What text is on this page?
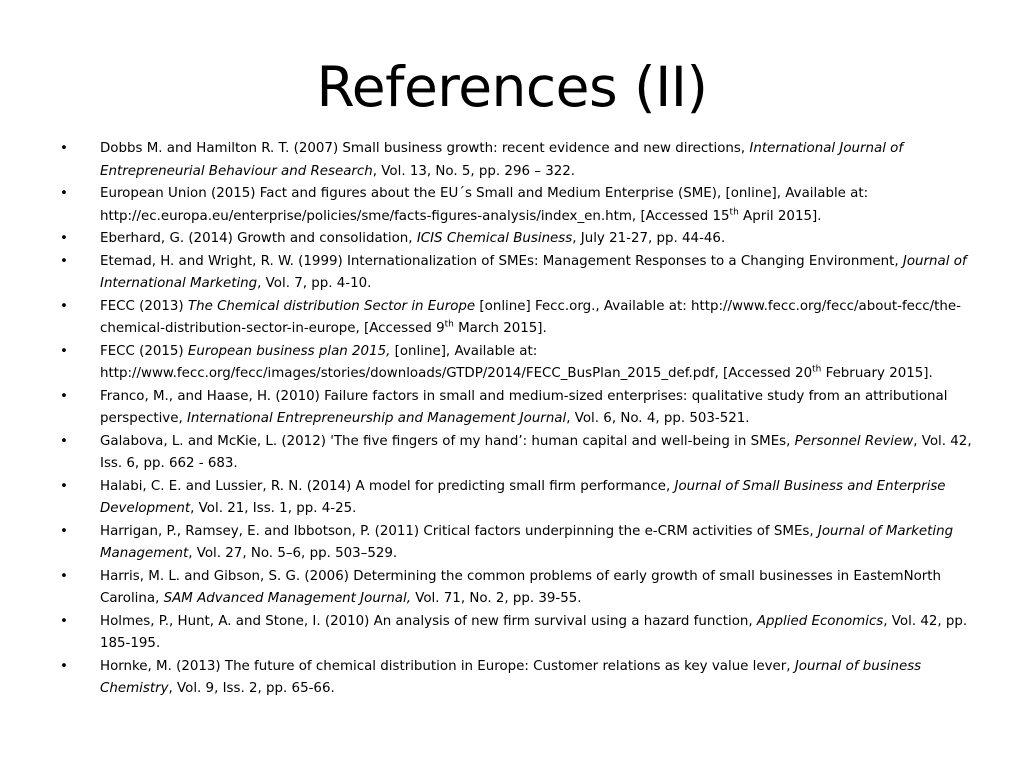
References (II)
• Dobbs M. and Hamilton R. T. (2007) Small business growth: recent evidence and new directions, International Journal of Entrepreneurial Behaviour and Research, Vol. 13, No. 5, pp. 296 – 322.
• European Union (2015) Fact and figures about the EU´s Small and Medium Enterprise (SME), [online], Available at: http://ec.europa.eu/enterprise/policies/sme/facts-figures-analysis/index_en.htm, [Accessed 15th April 2015].
• Eberhard, G. (2014) Growth and consolidation, ICIS Chemical Business, July 21-27, pp. 44-46.
• Etemad, H. and Wright, R. W. (1999) Internationalization of SMEs: Management Responses to a Changing Environment, Journal of International Marketing, Vol. 7, pp. 4-10.
• FECC (2013) The Chemical distribution Sector in Europe [online] Fecc.org., Available at: http://www.fecc.org/fecc/about-fecc/the-chemical-distribution-sector-in-europe, [Accessed 9th March 2015].
• FECC (2015) European business plan 2015, [online], Available at: http://www.fecc.org/fecc/images/stories/downloads/GTDP/2014/FECC_BusPlan_2015_def.pdf, [Accessed 20th February 2015].
• Franco, M., and Haase, H. (2010) Failure factors in small and medium-sized enterprises: qualitative study from an attributional perspective, International Entrepreneurship and Management Journal, Vol. 6, No. 4, pp. 503-521.
• Galabova, L. and McKie, L. (2012) 'The five fingers of my hand’: human capital and well-being in SMEs, Personnel Review, Vol. 42, Iss. 6, pp. 662 - 683.
• Halabi, C. E. and Lussier, R. N. (2014) A model for predicting small firm performance, Journal of Small Business and Enterprise Development, Vol. 21, Iss. 1, pp. 4-25.
• Harrigan, P., Ramsey, E. and Ibbotson, P. (2011) Critical factors underpinning the e-CRM activities of SMEs, Journal of Marketing Management, Vol. 27, No. 5–6, pp. 503–529.
• Harris, M. L. and Gibson, S. G. (2006) Determining the common problems of early growth of small businesses in EastemNorth Carolina, SAM Advanced Management Journal, Vol. 71, No. 2, pp. 39-55.
• Holmes, P., Hunt, A. and Stone, I. (2010) An analysis of new firm survival using a hazard function, Applied Economics, Vol. 42, pp. 185-195.
• Hornke, M. (2013) The future of chemical distribution in Europe: Customer relations as key value lever, Journal of business Chemistry, Vol. 9, Iss. 2, pp. 65-66.
